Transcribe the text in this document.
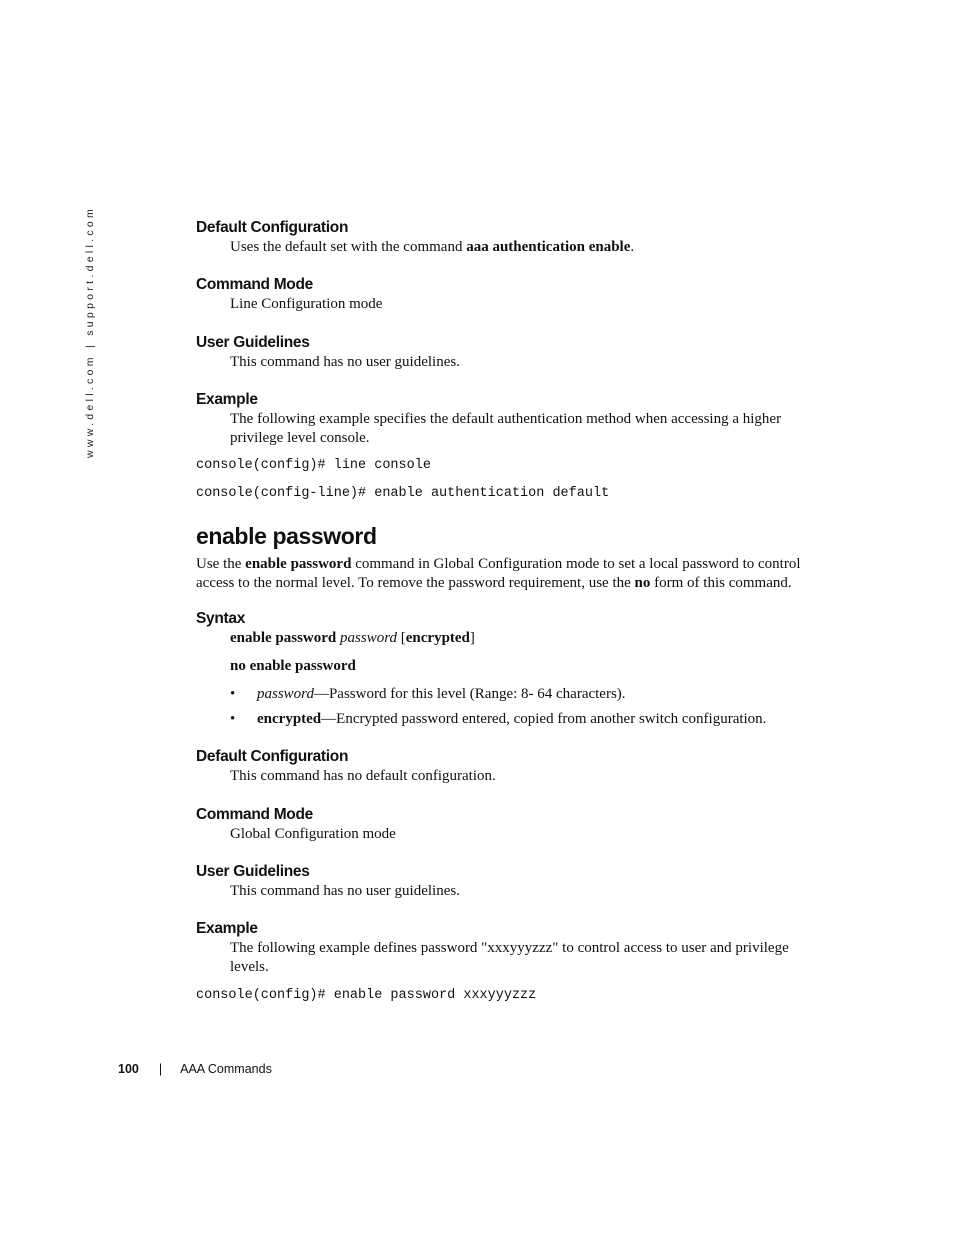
www.dell.com | support.dell.com	Default Configuration

Uses the default set with the command aaa authentication enable.

Command Mode

Line Configuration mode

User Guidelines

This command has no user guidelines.

Example

The following example specifies the default authentication method when accessing a higher privilege level console.

console(config)# line console

console(config-line)# enable authentication default

enable password

Use the enable password command in Global Configuration mode to set a local password to control access to the normal level. To remove the password requirement, use the no form of this command.

Syntax

enable password password [encrypted]

no enable password

• password—Password for this level (Range: 8- 64 characters).
• encrypted—Encrypted password entered, copied from another switch configuration.
Default Configuration

This command has no default configuration.

Command Mode

Global Configuration mode

User Guidelines

This command has no user guidelines.

Example

The following example defines password "xxxyyyzzz" to control access to user and privilege levels.

console(config)# enable password xxxyyyzzz

100 | AAA Commands
